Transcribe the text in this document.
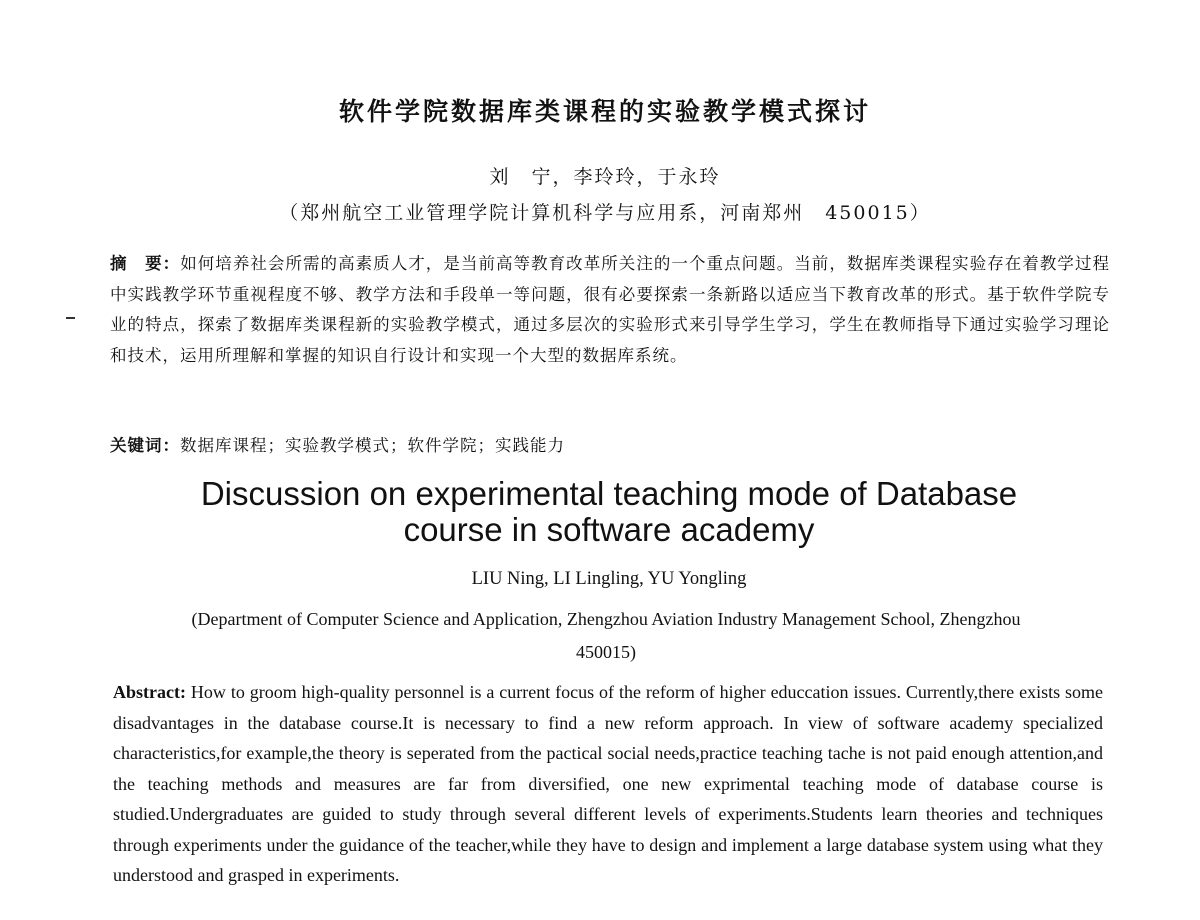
软件学院数据库类课程的实验教学模式探讨
刘　宁，李玲玲，于永玲
（郑州航空工业管理学院计算机科学与应用系，河南郑州　450015）
摘　要：如何培养社会所需的高素质人才，是当前高等教育改革所关注的一个重点问题。当前，数据库类课程实验存在着教学过程中实践教学环节重视程度不够、教学方法和手段单一等问题，很有必要探索一条新路以适应当下教育改革的形式。基于软件学院专业的特点，探索了数据库类课程新的实验教学模式，通过多层次的实验形式来引导学生学习，学生在教师指导下通过实验学习理论和技术，运用所理解和掌握的知识自行设计和实现一个大型的数据库系统。
关键词：数据库课程；实验教学模式；软件学院；实践能力
Discussion on experimental teaching mode of Database
course in software academy
LIU Ning, LI Lingling, YU Yongling
(Department of Computer Science and Application, Zhengzhou Aviation Industry Management School, Zhengzhou
450015)
Abstract: How to groom high-quality personnel is a current focus of the reform of higher educcation issues. Currently,there exists some disadvantages in the database course.It is necessary to find a new reform approach. In view of software academy specialized characteristics,for example,the theory is seperated from the pactical social needs,practice teaching tache is not paid enough attention,and the teaching methods and measures are far from diversified, one new exprimental teaching mode of database course is studied.Undergraduates are guided to study through several different levels of experiments.Students learn theories and techniques through experiments under the guidance of the teacher,while they have to design and implement a large database system using what they understood and grasped in experiments.
